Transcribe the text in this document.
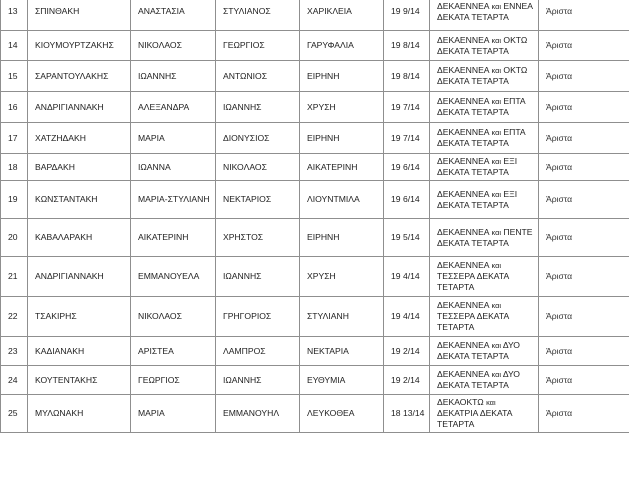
13	ΣΠΙΝΘΑΚΗ	ΑΝΑΣΤΑΣΙΑ	ΣΤΥΛΙΑΝΟΣ	ΧΑΡΙΚΛΕΙΑ	19 9/14	ΔΕΚΑΕΝΝΕΑ και ΕΝΝΕΑ ΔΕΚΑΤΑ ΤΕΤΑΡΤΑ	Άριστα
14	ΚΙΟΥΜΟΥΡΤΖΑΚΗΣ	ΝΙΚΟΛΑΟΣ	ΓΕΩΡΓΙΟΣ	ΓΑΡΥΦΑΛΙΑ	19 8/14	ΔΕΚΑΕΝΝΕΑ και ΟΚΤΩ ΔΕΚΑΤΑ ΤΕΤΑΡΤΑ	Άριστα
15	ΣΑΡΑΝΤΟΥΛΑΚΗΣ	ΙΩΑΝΝΗΣ	ΑΝΤΩΝΙΟΣ	ΕΙΡΗΝΗ	19 8/14	ΔΕΚΑΕΝΝΕΑ και ΟΚΤΩ ΔΕΚΑΤΑ ΤΕΤΑΡΤΑ	Άριστα
16	ΑΝΔΡΙΓΙΑΝΝΑΚΗ	ΑΛΕΞΑΝΔΡΑ	ΙΩΑΝΝΗΣ	ΧΡΥΣΗ	19 7/14	ΔΕΚΑΕΝΝΕΑ και ΕΠΤΑ ΔΕΚΑΤΑ ΤΕΤΑΡΤΑ	Άριστα
17	ΧΑΤΖΗΔΑΚΗ	ΜΑΡΙΑ	ΔΙΟΝΥΣΙΟΣ	ΕΙΡΗΝΗ	19 7/14	ΔΕΚΑΕΝΝΕΑ και ΕΠΤΑ ΔΕΚΑΤΑ ΤΕΤΑΡΤΑ	Άριστα
18	ΒΑΡΔΑΚΗ	ΙΩΑΝΝΑ	ΝΙΚΟΛΑΟΣ	ΑΙΚΑΤΕΡΙΝΗ	19 6/14	ΔΕΚΑΕΝΝΕΑ και ΕΞΙ ΔΕΚΑΤΑ ΤΕΤΑΡΤΑ	Άριστα
19	ΚΩΝΣΤΑΝΤΑΚΗ	ΜΑΡΙΑ-ΣΤΥΛΙΑΝΗ	ΝΕΚΤΑΡΙΟΣ	ΛΙΟΥΝΤΜΙΛΑ	19 6/14	ΔΕΚΑΕΝΝΕΑ και ΕΞΙ ΔΕΚΑΤΑ ΤΕΤΑΡΤΑ	Άριστα
20	ΚΑΒΑΛΑΡΑΚΗ	ΑΙΚΑΤΕΡΙΝΗ	ΧΡΗΣΤΟΣ	ΕΙΡΗΝΗ	19 5/14	ΔΕΚΑΕΝΝΕΑ και ΠΕΝΤΕ ΔΕΚΑΤΑ ΤΕΤΑΡΤΑ	Άριστα
21	ΑΝΔΡΙΓΙΑΝΝΑΚΗ	ΕΜΜΑΝΟΥΕΛΑ	ΙΩΑΝΝΗΣ	ΧΡΥΣΗ	19 4/14	ΔΕΚΑΕΝΝΕΑ και ΤΕΣΣΕΡΑ ΔΕΚΑΤΑ ΤΕΤΑΡΤΑ	Άριστα
22	ΤΣΑΚΙΡΗΣ	ΝΙΚΟΛΑΟΣ	ΓΡΗΓΟΡΙΟΣ	ΣΤΥΛΙΑΝΗ	19 4/14	ΔΕΚΑΕΝΝΕΑ και ΤΕΣΣΕΡΑ ΔΕΚΑΤΑ ΤΕΤΑΡΤΑ	Άριστα
23	ΚΑΔΙΑΝΑΚΗ	ΑΡΙΣΤΕΑ	ΛΑΜΠΡΟΣ	ΝΕΚΤΑΡΙΑ	19 2/14	ΔΕΚΑΕΝΝΕΑ και ΔΥΟ ΔΕΚΑΤΑ ΤΕΤΑΡΤΑ	Άριστα
24	ΚΟΥΤΕΝΤΑΚΗΣ	ΓΕΩΡΓΙΟΣ	ΙΩΑΝΝΗΣ	ΕΥΘΥΜΙΑ	19 2/14	ΔΕΚΑΕΝΝΕΑ και ΔΥΟ ΔΕΚΑΤΑ ΤΕΤΑΡΤΑ	Άριστα
25	ΜΥΛΩΝΑΚΗ	ΜΑΡΙΑ	ΕΜΜΑΝΟΥΗΛ	ΛΕΥΚΟΘΕΑ	18 13/14	ΔΕΚΑΟΚΤΩ και ΔΕΚΑΤΡΙΑ ΔΕΚΑΤΑ ΤΕΤΑΡΤΑ	Άριστα
